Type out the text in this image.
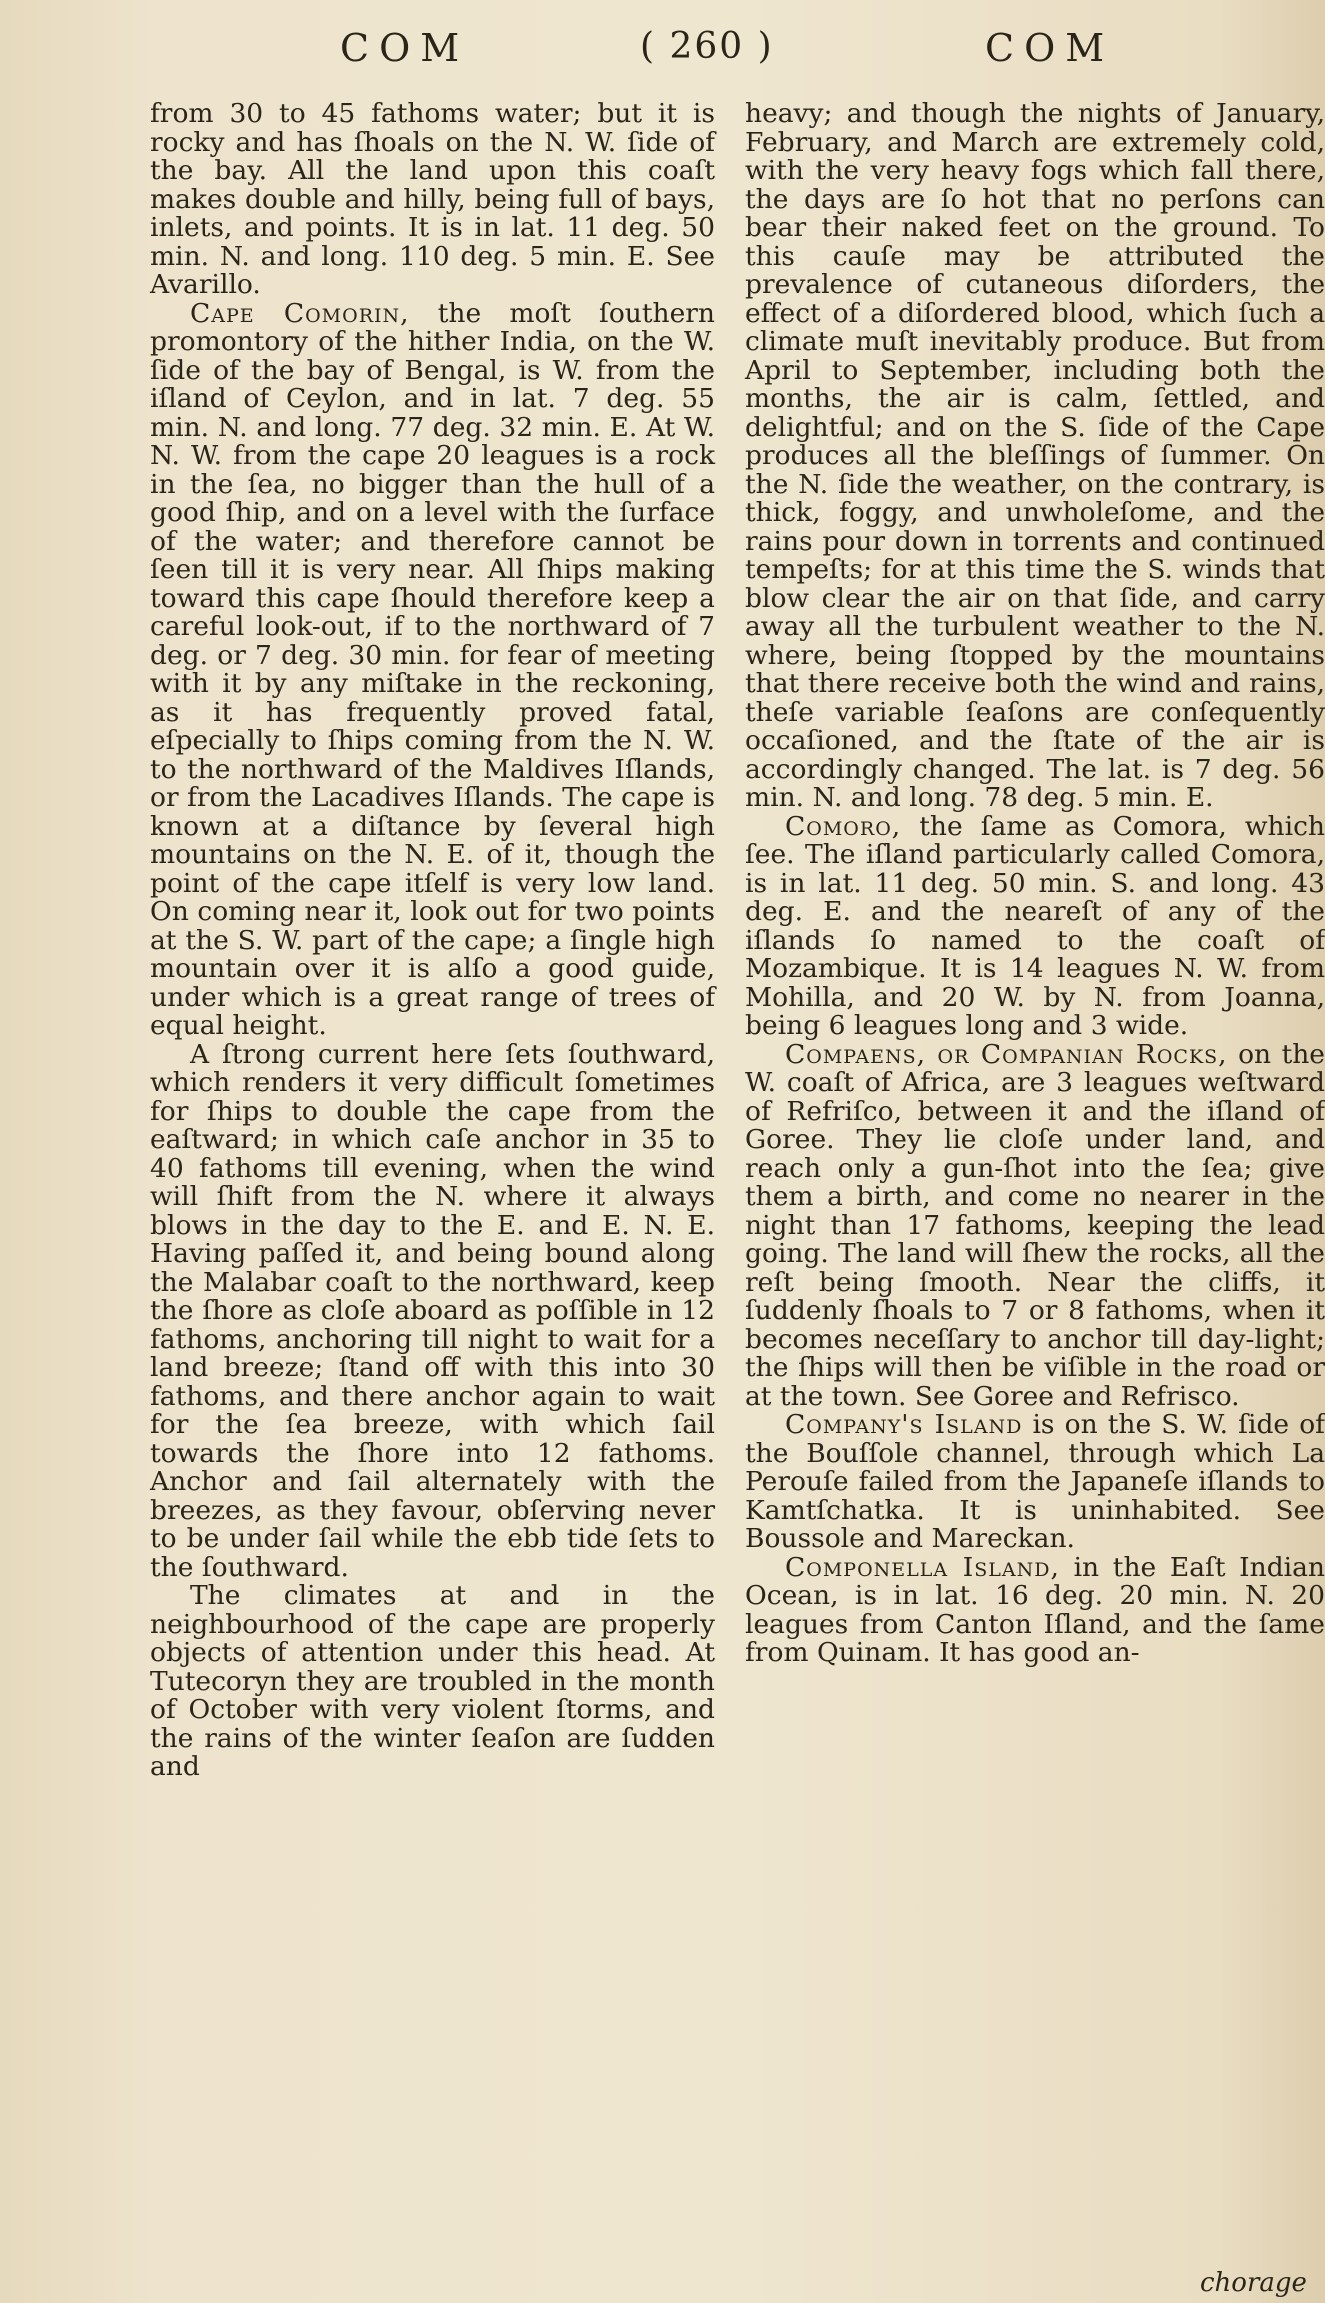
COM	( 260 )	COM

from 30 to 45 fathoms water; but it is rocky and has ſhoals on the N. W. ſide of the bay. All the land upon this coaſt makes double and hilly, being full of bays, inlets, and points. It is in lat. 11 deg. 50 min. N. and long. 110 deg. 5 min. E. See Avarillo.

Cape Comorin, the moſt ſouthern promontory of the hither India, on the W. ſide of the bay of Bengal, is W. from the iſland of Ceylon, and in lat. 7 deg. 55 min. N. and long. 77 deg. 32 min. E. At W. N. W. from the cape 20 leagues is a rock in the ſea, no bigger than the hull of a good ſhip, and on a level with the ſurface of the water; and therefore cannot be ſeen till it is very near. All ſhips making toward this cape ſhould therefore keep a careful look-out, if to the northward of 7 deg. or 7 deg. 30 min. for fear of meeting with it by any miſtake in the reckoning, as it has frequently proved fatal, eſpecially to ſhips coming from the N. W. to the northward of the Maldives Iſlands, or from the Lacadives Iſlands. The cape is known at a diſtance by ſeveral high mountains on the N. E. of it, though the point of the cape itſelf is very low land. On coming near it, look out for two points at the S. W. part of the cape; a ſingle high mountain over it is alſo a good guide, under which is a great range of trees of equal height.

A ſtrong current here ſets ſouthward, which renders it very difficult ſometimes for ſhips to double the cape from the eaſtward; in which caſe anchor in 35 to 40 fathoms till evening, when the wind will ſhift from the N. where it always blows in the day to the E. and E. N. E. Having paſſed it, and being bound along the Malabar coaſt to the northward, keep the ſhore as cloſe aboard as poſſible in 12 fathoms, anchoring till night to wait for a land breeze; ſtand off with this into 30 fathoms, and there anchor again to wait for the ſea breeze, with which ſail towards the ſhore into 12 fathoms. Anchor and ſail alternately with the breezes, as they favour, obſerving never to be under ſail while the ebb tide ſets to the ſouthward.

The climates at and in the neighbourhood of the cape are properly objects of attention under this head. At Tutecoryn they are troubled in the month of October with very violent ſtorms, and the rains of the winter ſeaſon are ſudden and

heavy; and though the nights of January, February, and March are extremely cold, with the very heavy fogs which fall there, the days are ſo hot that no perſons can bear their naked feet on the ground. To this cauſe may be attributed the prevalence of cutaneous diſorders, the effect of a diſordered blood, which ſuch a climate muſt inevitably produce. But from April to September, including both the months, the air is calm, ſettled, and delightful; and on the S. ſide of the Cape produces all the bleſſings of ſummer. On the N. ſide the weather, on the contrary, is thick, foggy, and unwholeſome, and the rains pour down in torrents and continued tempeſts; for at this time the S. winds that blow clear the air on that ſide, and carry away all the turbulent weather to the N. where, being ſtopped by the mountains that there receive both the wind and rains, theſe variable ſeaſons are conſequently occaſioned, and the ſtate of the air is accordingly changed. The lat. is 7 deg. 56 min. N. and long. 78 deg. 5 min. E.

Comoro, the ſame as Comora, which ſee. The iſland particularly called Comora, is in lat. 11 deg. 50 min. S. and long. 43 deg. E. and the neareſt of any of the iſlands ſo named to the coaſt of Mozambique. It is 14 leagues N. W. from Mohilla, and 20 W. by N. from Joanna, being 6 leagues long and 3 wide.

Compaens, or Companian Rocks, on the W. coaſt of Africa, are 3 leagues weſtward of Refriſco, between it and the iſland of Goree. They lie cloſe under land, and reach only a gun-ſhot into the ſea; give them a birth, and come no nearer in the night than 17 fathoms, keeping the lead going. The land will ſhew the rocks, all the reſt being ſmooth. Near the cliffs, it ſuddenly ſhoals to 7 or 8 fathoms, when it becomes neceſſary to anchor till day-light; the ſhips will then be viſible in the road or at the town. See Goree and Refrisco.

Company's Iſland is on the S. W. ſide of the Bouſſole channel, through which La Perouſe failed from the Japaneſe iſlands to Kamtſchatka. It is uninhabited. See Boussole and Mareckan.

Componella Iſland, in the Eaſt Indian Ocean, is in lat. 16 deg. 20 min. N. 20 leagues from Canton Iſland, and the ſame from Quinam. It has good an-

chorage
